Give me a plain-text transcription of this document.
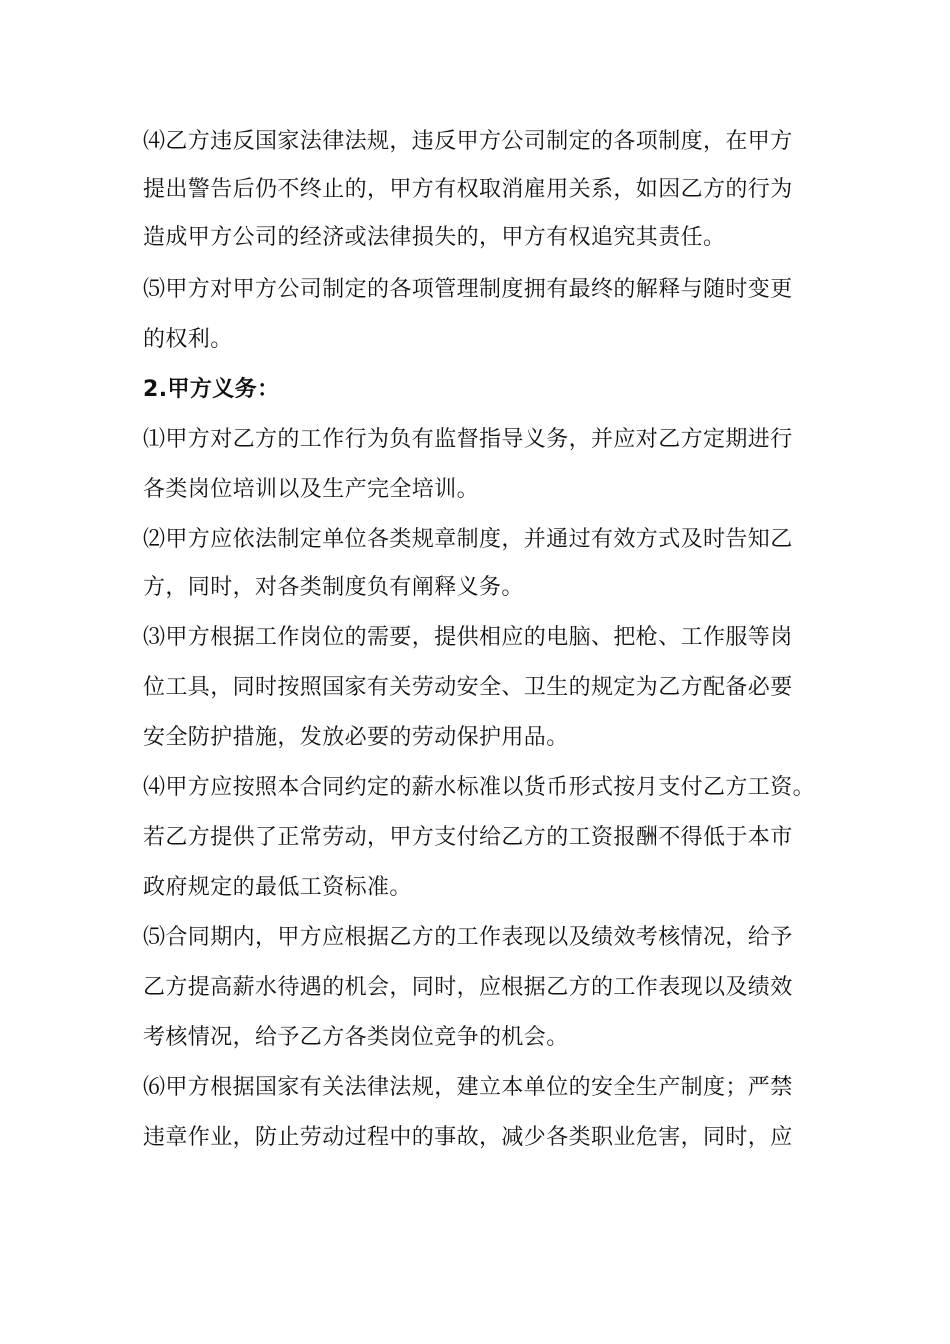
⑷乙方违反国家法律法规，违反甲方公司制定的各项制度，在甲方
提出警告后仍不终止的，甲方有权取消雇用关系，如因乙方的行为
造成甲方公司的经济或法律损失的，甲方有权追究其责任。
⑸甲方对甲方公司制定的各项管理制度拥有最终的解释与随时变更
的权利。
2.甲方义务：
⑴甲方对乙方的工作行为负有监督指导义务，并应对乙方定期进行
各类岗位培训以及生产完全培训。
⑵甲方应依法制定单位各类规章制度，并通过有效方式及时告知乙
方，同时，对各类制度负有阐释义务。
⑶甲方根据工作岗位的需要，提供相应的电脑、把枪、工作服等岗
位工具，同时按照国家有关劳动安全、卫生的规定为乙方配备必要
安全防护措施，发放必要的劳动保护用品。
⑷甲方应按照本合同约定的薪水标准以货币形式按月支付乙方工资。
若乙方提供了正常劳动，甲方支付给乙方的工资报酬不得低于本市
政府规定的最低工资标准。
⑸合同期内，甲方应根据乙方的工作表现以及绩效考核情况，给予
乙方提高薪水待遇的机会，同时，应根据乙方的工作表现以及绩效
考核情况，给予乙方各类岗位竞争的机会。
⑹甲方根据国家有关法律法规，建立本单位的安全生产制度；严禁
违章作业，防止劳动过程中的事故，减少各类职业危害，同时，应
